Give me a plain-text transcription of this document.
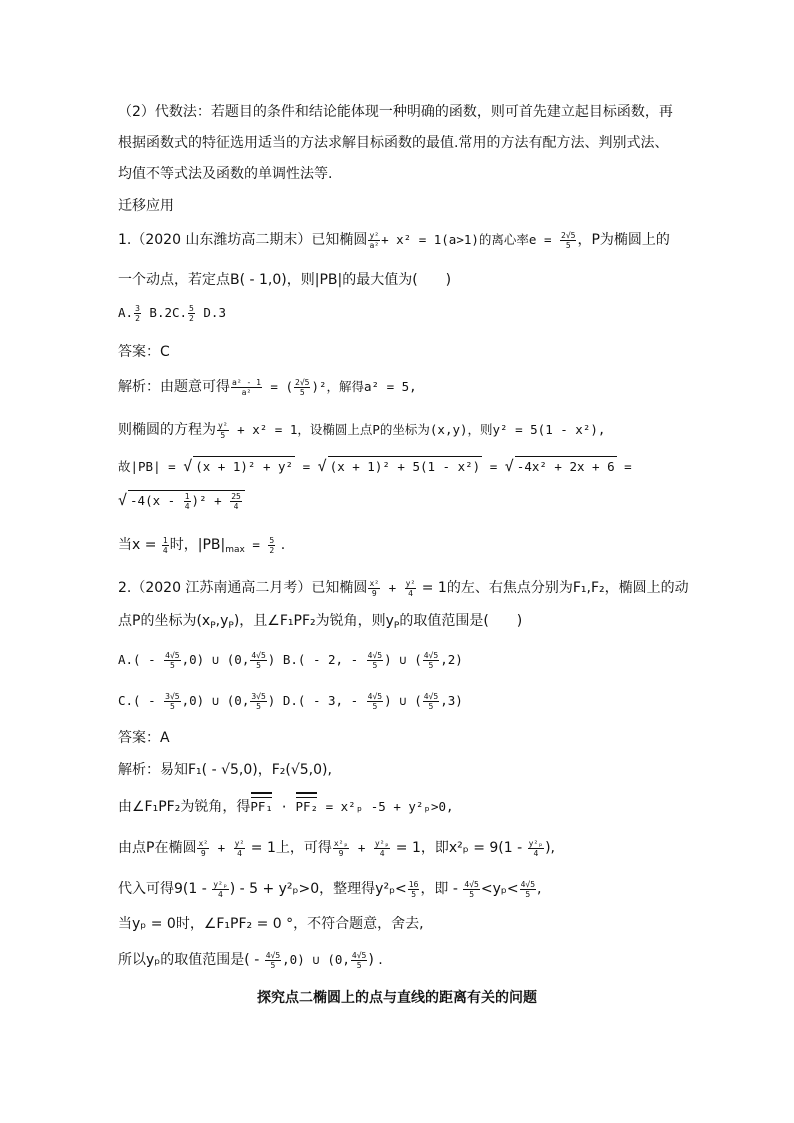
（2）代数法：若题目的条件和结论能体现一种明确的函数，则可首先建立起目标函数，再
根据函数式的特征选用适当的方法求解目标函数的最值.常用的方法有配方法、判别式法、
均值不等式法及函数的单调性法等.
迁移应用
1.（2020 山东潍坊高二期末）已知椭圆 $\frac{\text{y²}}{\text{a²}} + x^2 = 1(a>1)$的离心率$e = \frac{2√5}{5}$ ，P为椭圆上的
一个动点，若定点B( - 1,0)，则|PB|的最大值为(　　)
A. $\frac{3}{2} B.2C$. $\frac{5}{2} D.3$
答案：C
解析：由题意可得 $\frac{\text{a² - 1}}{\text{a²}}$ = ( $\frac{2√5}{5} )^2$，解得a² = 5,
则椭圆的方程为 $\frac{\text{y²}}{5} + x^2 = 1$，设椭圆上点P的坐标为(x,y)，则y² = 5(1 - x²),
故|PB| = √ (x + 1)² + y² = √ (x + 1)² + 5(1 - x²) = √ -4x² + 2x + 6 =
√ $-4(x - \frac{1}{4} )^2 + \frac{25}{4}$
当$x = \frac{1}{4}$ 时，$|PB|_{max} = \frac{5}{2}$ .
2.（2020 江苏南通高二月考）已知椭圆 $\frac{\text{x²}}{9} + \frac{\text{y²}}{4} = 1$的左、右焦点分别为F₁,F₂，椭圆上的动
点P的坐标为$(x_P,y_P)$，且∠F₁PF₂为锐角，则$y_P$的取值范围是(　　)
$A.( - \frac{4√5}{5} ,0)$ ∪ (0, $\frac{4√5}{5}$ ) B.( - 2, - $\frac{4√5}{5}$ ) ∪ ( $\frac{4√5}{5} ,2$)
$C.( - \frac{3√5}{5} ,0)$ ∪ (0, $\frac{3√5}{5}$ ) D.( - 3, - $\frac{4√5}{5}$ ) ∪ ( $\frac{4√5}{5} ,3$)
答案：A
解析：易知F₁( - √5,0)，F₂(√5,0),
由∠F₁PF₂为锐角，得PF₁ · PF₂ = x²ₚ -5 + y²ₚ>0,
由点P在椭圆 $\frac{\text{x²}}{9} + \frac{\text{y²}}{4} = 1$上，可得 $\frac{\text{x²ₚ}}{9} + \frac{\text{y²ₚ}}{4} = 1$，即$x^2_p = 9(1 - \frac{\text{y²ₚ}}{4}$ ),
代入可得$9(1 - \frac{\text{y²ₚ}}{4}$ ) - 5 + y²ₚ>0，整理得$y^2_p< \frac{16}{5}$ ，即 - $\frac{4√5}{5} <y_p< \frac{4√5}{5}$ ,
当yₚ = 0时，∠F₁PF₂ = 0 °，不符合题意，舍去,
所以yₚ的取值范围是( - $\frac{4√5}{5} ,0$) ∪ (0, $\frac{4√5}{5}$ ) .
探究点二椭圆上的点与直线的距离有关的问题
